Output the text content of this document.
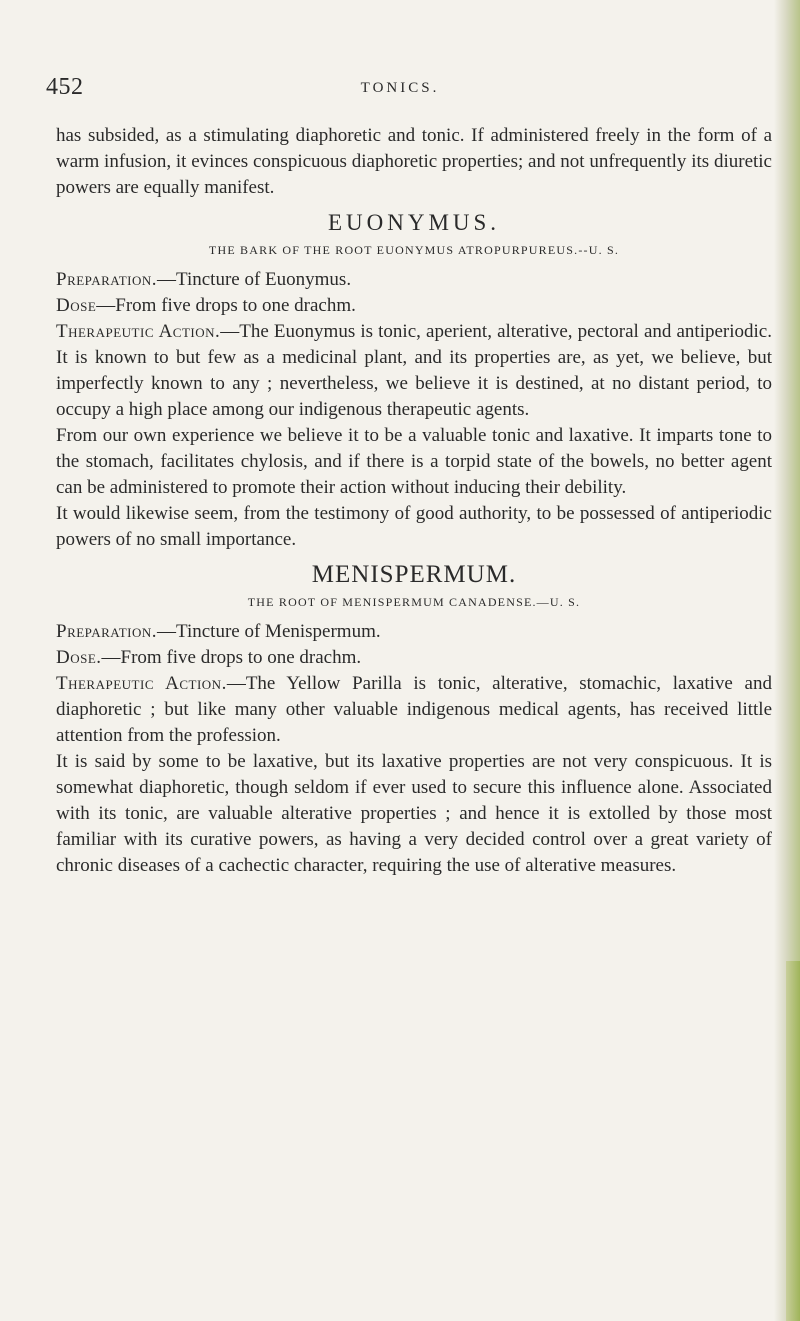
452	TONICS.

has subsided, as a stimulating diaphoretic and tonic. If administered freely in the form of a warm infusion, it evinces conspicuous diaphoretic properties; and not unfrequently its diuretic powers are equally manifest.

EUONYMUS.
THE BARK OF THE ROOT EUONYMUS ATROPURPUREUS.--U. S.

Preparation.—Tincture of Euonymus.

Dose—From five drops to one drachm.

Therapeutic Action.—The Euonymus is tonic, aperient, alterative, pectoral and antiperiodic. It is known to but few as a medicinal plant, and its properties are, as yet, we believe, but imperfectly known to any ; nevertheless, we believe it is destined, at no distant period, to occupy a high place among our indigenous therapeutic agents.

From our own experience we believe it to be a valuable tonic and laxative. It imparts tone to the stomach, facilitates chylosis, and if there is a torpid state of the bowels, no better agent can be administered to promote their action without inducing their debility.

It would likewise seem, from the testimony of good authority, to be possessed of antiperiodic powers of no small importance.

MENISPERMUM.
THE ROOT OF MENISPERMUM CANADENSE.—U. S.

Preparation.—Tincture of Menispermum.

Dose.—From five drops to one drachm.

Therapeutic Action.—The Yellow Parilla is tonic, alterative, stomachic, laxative and diaphoretic ; but like many other valuable indigenous medical agents, has received little attention from the profession.

It is said by some to be laxative, but its laxative properties are not very conspicuous. It is somewhat diaphoretic, though seldom if ever used to secure this influence alone. Associated with its tonic, are valuable alterative properties ; and hence it is extolled by those most familiar with its curative powers, as having a very decided control over a great variety of chronic diseases of a cachectic character, requiring the use of alterative measures.
